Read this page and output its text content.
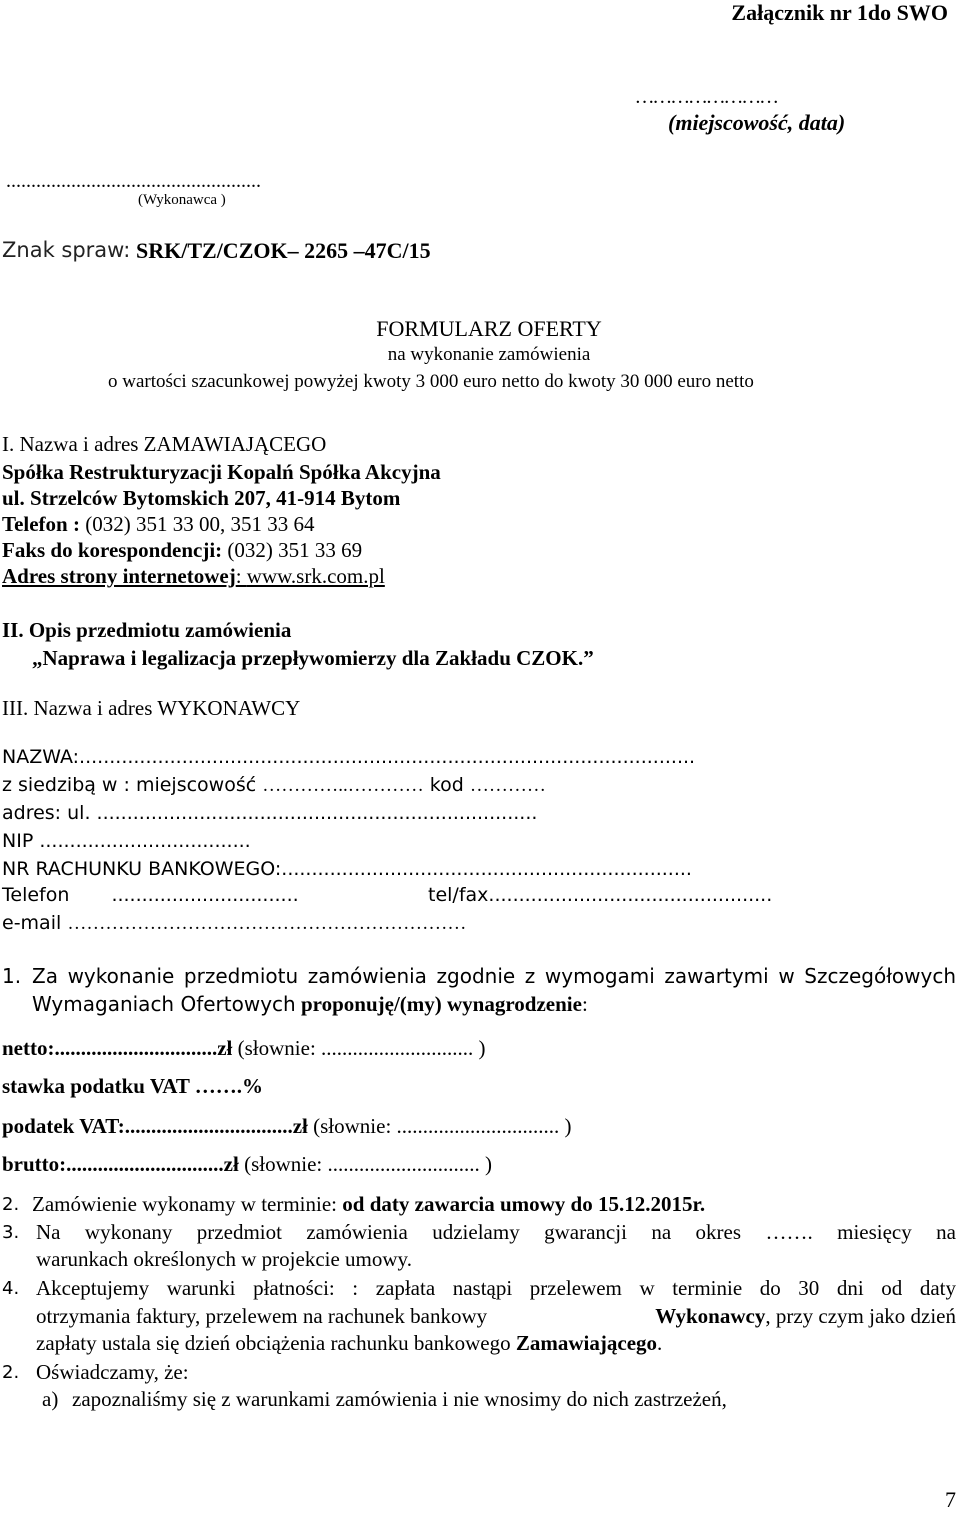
Załącznik nr 1do SWO
……………………
(miejscowość, data)
...................................................
(Wykonawca )
Znak spraw: SRK/TZ/CZOK– 2265 –47C/15
FORMULARZ OFERTY
na wykonanie zamówienia
o wartości szacunkowej powyżej kwoty 3 000 euro netto do kwoty 30 000 euro netto
I. Nazwa i adres ZAMAWIAJĄCEGO
Spółka Restrukturyzacji Kopalń Spółka Akcyjna
ul. Strzelców Bytomskich 207, 41-914 Bytom
Telefon : (032) 351 33 00, 351 33 64
Faks do korespondencji: (032) 351 33 69
Adres strony internetowej: www.srk.com.pl
II. Opis przedmiotu zamówienia
„Naprawa i legalizacja przepływomierzy dla Zakładu CZOK.”
III. Nazwa i adres WYKONAWCY
NAZWA:......................................................................................................
z siedzibą w : miejscowość …………..………… kod …………
adres: ul. .........................................................................
NIP ...................................
NR RACHUNKU BANKOWEGO:....................................................................
Telefon ...............................	tel/fax...............................................
e-mail ………………………………………………………
1. Za wykonanie przedmiotu zamówienia zgodnie z wymogami zawartymi w Szczegółowych
Wymaganiach Ofertowych proponuję/(my) wynagrodzenie:
netto:...............................zł (słownie: ............................. )
stawka podatku VAT …….%
podatek VAT:................................zł (słownie: ............................... )
brutto:..............................zł (słownie: ............................. )
2. Zamówienie wykonamy w terminie: od daty zawarcia umowy do 15.12.2015r.
3. Na wykonany przedmiot zamówienia udzielamy gwarancji na okres ……. miesięcy na
warunkach określonych w projekcie umowy.
4. Akceptujemy warunki płatności: : zapłata nastąpi przelewem w terminie do 30 dni od daty
otrzymania faktury, przelewem na rachunek bankowy	Wykonawcy, przy czym jako dzień
zapłaty ustala się dzień obciążenia rachunku bankowego Zamawiającego.
2. Oświadczamy, że:
a) zapoznaliśmy się z warunkami zamówienia i nie wnosimy do nich zastrzeżeń,
7
